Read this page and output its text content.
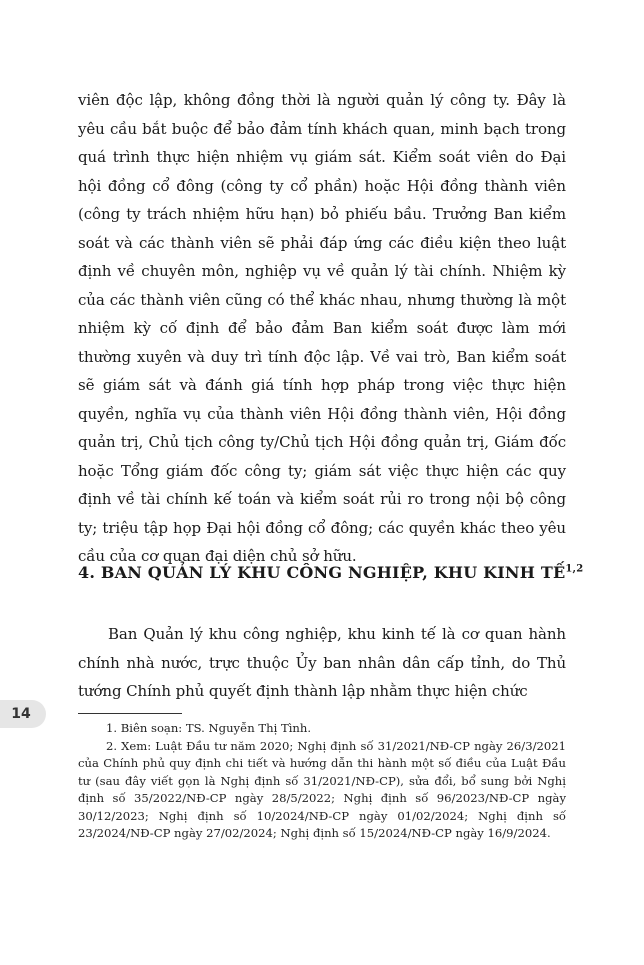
viên độc lập, không đồng thời là người quản lý công ty. Đây là yêu cầu bắt buộc để bảo đảm tính khách quan, minh bạch trong quá trình thực hiện nhiệm vụ giám sát. Kiểm soát viên do Đại hội đồng cổ đông (công ty cổ phần) hoặc Hội đồng thành viên (công ty trách nhiệm hữu hạn) bỏ phiếu bầu. Trưởng Ban kiểm soát và các thành viên sẽ phải đáp ứng các điều kiện theo luật định về chuyên môn, nghiệp vụ về quản lý tài chính. Nhiệm kỳ của các thành viên cũng có thể khác nhau, nhưng thường là một nhiệm kỳ cố định để bảo đảm Ban kiểm soát được làm mới thường xuyên và duy trì tính độc lập. Về vai trò, Ban kiểm soát sẽ giám sát và đánh giá tính hợp pháp trong việc thực hiện quyền, nghĩa vụ của thành viên Hội đồng thành viên, Hội đồng quản trị, Chủ tịch công ty/Chủ tịch Hội đồng quản trị, Giám đốc hoặc Tổng giám đốc công ty; giám sát việc thực hiện các quy định về tài chính kế toán và kiểm soát rủi ro trong nội bộ công ty; triệu tập họp Đại hội đồng cổ đông; các quyền khác theo yêu cầu của cơ quan đại diện chủ sở hữu.

4. BAN QUẢN LÝ KHU CÔNG NGHIỆP, KHU KINH TẾ$^{1,2}$

Ban Quản lý khu công nghiệp, khu kinh tế là cơ quan hành chính nhà nước, trực thuộc Ủy ban nhân dân cấp tỉnh, do Thủ tướng Chính phủ quyết định thành lập nhằm thực hiện chức

14

1. Biên soạn: TS. Nguyễn Thị Tình.

2. Xem: Luật Đầu tư năm 2020; Nghị định số 31/2021/NĐ-CP ngày 26/3/2021 của Chính phủ quy định chi tiết và hướng dẫn thi hành một số điều của Luật Đầu tư (sau đây viết gọn là Nghị định số 31/2021/NĐ-CP), sửa đổi, bổ sung bởi Nghị định số 35/2022/NĐ-CP ngày 28/5/2022; Nghị định số 96/2023/NĐ-CP ngày 30/12/2023; Nghị định số 10/2024/NĐ-CP ngày 01/02/2024; Nghị định số 23/2024/NĐ-CP ngày 27/02/2024; Nghị định số 15/2024/NĐ-CP ngày 16/9/2024.
